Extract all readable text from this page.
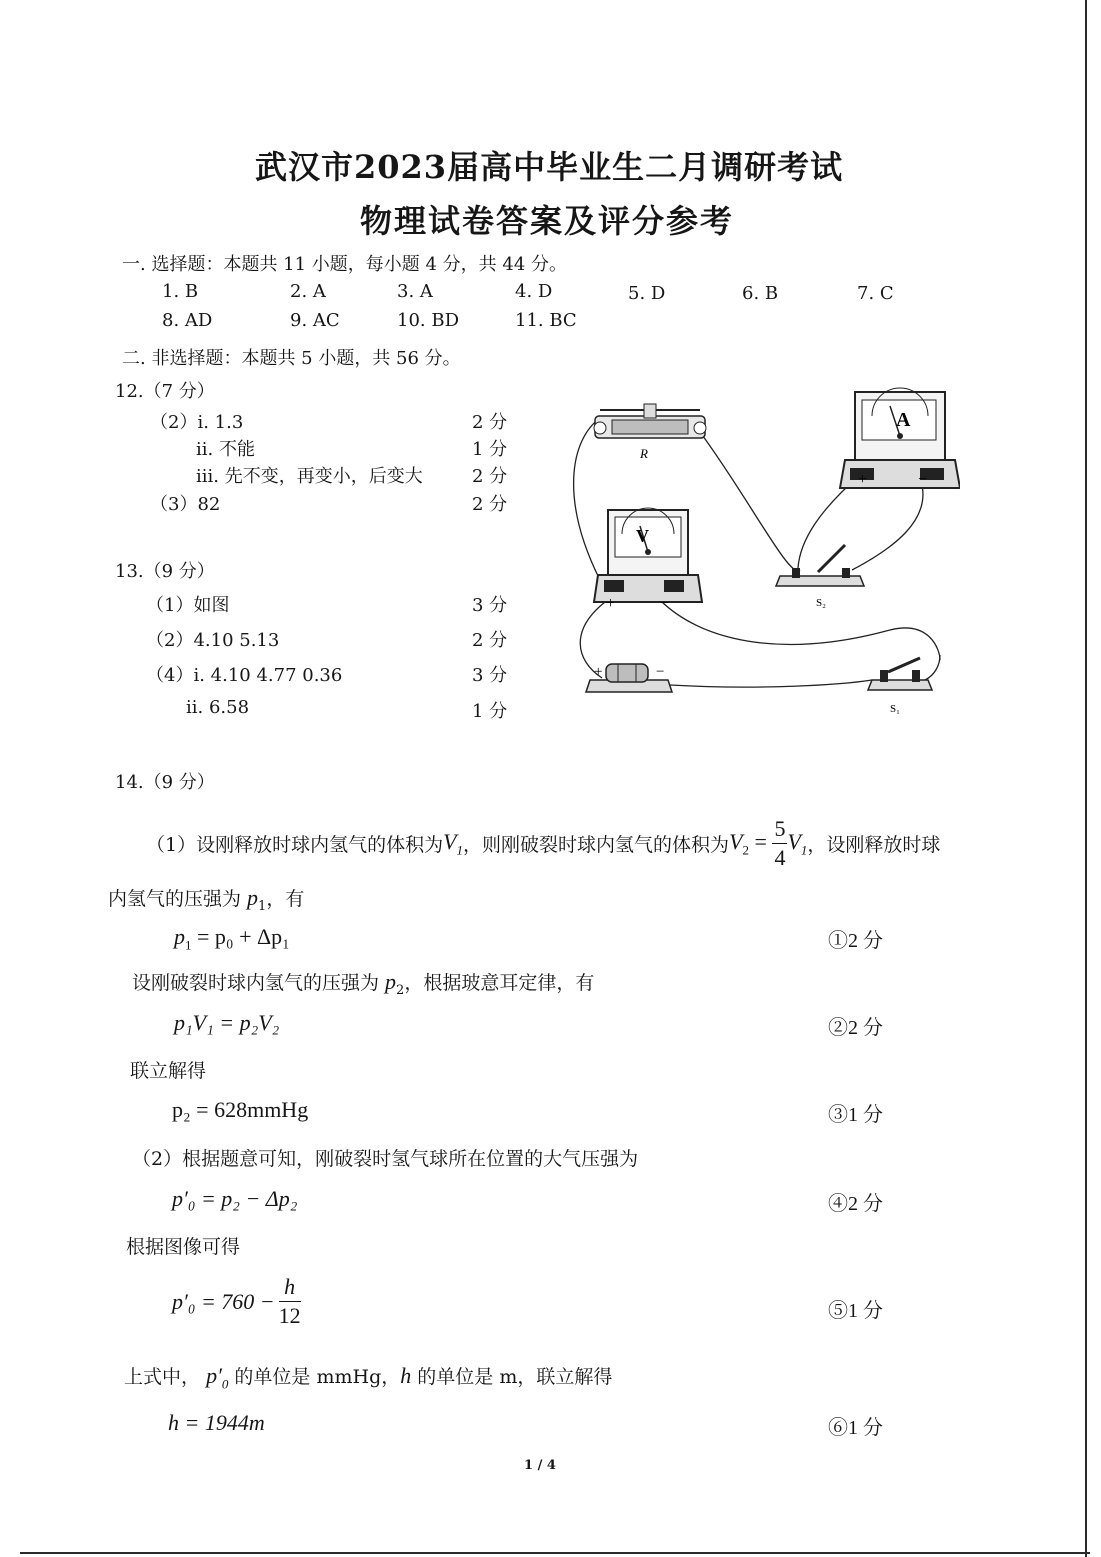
武汉市2023届高中毕业生二月调研考试
物理试卷答案及评分参考
一. 选择题：本题共 11 小题，每小题 4 分，共 44 分。
1. B	2. A	3. A	4. D	5. D	6. B	7. C
8. AD	9. AC	10. BD	11. BC
二. 非选择题：本题共 5 小题，共 56 分。
12.（7 分）
（2）i. 1.3	2 分
ii. 不能	1 分
iii. 先不变，再变小，后变大	2 分
（3）82	2 分
13.（9 分）
（1）如图	3 分
（2）4.10 5.13	2 分
（4）i. 4.10 4.77 0.36	3 分
ii. 6.58	1 分
R
A
+	−
V
+	−	S₂
+	−
S₁
14.（9 分）
（1）设刚释放时球内氢气的体积为 $V_1$ ，则刚破裂时球内氢气的体积为 $V_2 = \frac{5}{4} V_1$ ，设刚释放时球
内氢气的压强为 $p_1$，有
$p_1 = p_0 + \Delta p_1$	①2 分
设刚破裂时球内氢气的压强为 $p_2$，根据玻意耳定律，有
p₁V₁ = p₂V₂	②2 分
联立解得
p₂ = 628mmHg	③1 分
（2）根据题意可知，刚破裂时氢气球所在位置的大气压强为
p′₀ = p₂ − Δp₂	④2 分
根据图像可得
$p'_0 = 760 - \frac{h}{12}$	⑤1 分
上式中， $p'_0$ 的单位是 mmHg，h 的单位是 m，联立解得
h = 1944m	⑥1 分
1 / 4
